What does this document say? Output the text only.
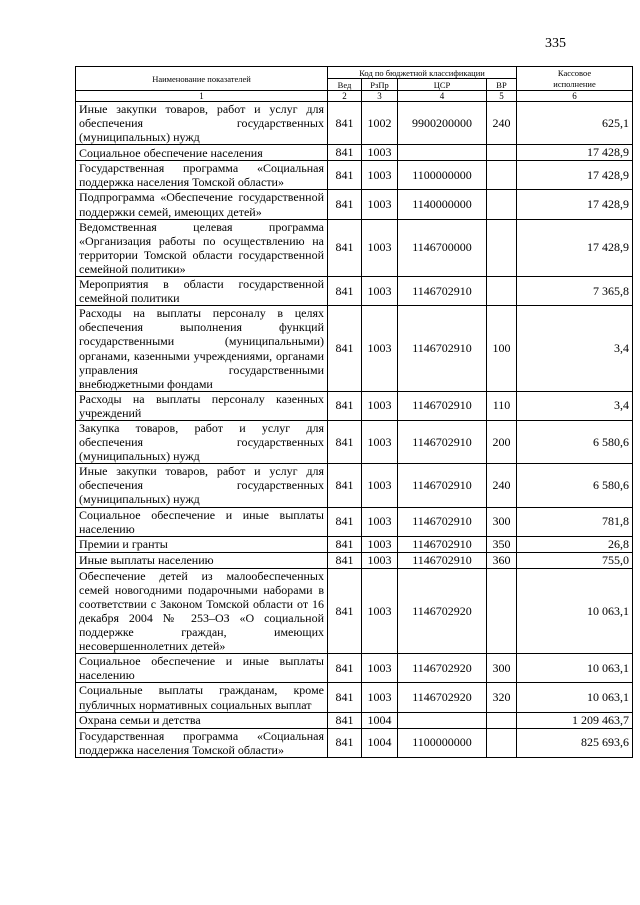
335
Наименование показателей	Код по бюджетной классификации				Кассовое
исполнение
	Вед	РзПр	ЦСР	ВР	
1	2	3	4	5	6
Иные закупки товаров, работ и услуг для обеспечения государственных (муниципальных) нужд	841	1002	9900200000	240	625,1
Социальное обеспечение населения	841	1003			17 428,9
Государственная программа «Социальная поддержка населения Томской области»	841	1003	1100000000		17 428,9
Подпрограмма «Обеспечение государственной поддержки семей, имеющих детей»	841	1003	1140000000		17 428,9
Ведомственная целевая программа «Организация работы по осуществлению на территории Томской области государственной семейной политики»	841	1003	1146700000		17 428,9
Мероприятия в области государственной семейной политики	841	1003	1146702910		7 365,8
Расходы на выплаты персоналу в целях обеспечения выполнения функций государственными (муниципальными) органами, казенными учреждениями, органами управления государственными внебюджетными фондами	841	1003	1146702910	100	3,4
Расходы на выплаты персоналу казенных учреждений	841	1003	1146702910	110	3,4
Закупка товаров, работ и услуг для обеспечения государственных (муниципальных) нужд	841	1003	1146702910	200	6 580,6
Иные закупки товаров, работ и услуг для обеспечения государственных (муниципальных) нужд	841	1003	1146702910	240	6 580,6
Социальное обеспечение и иные выплаты населению	841	1003	1146702910	300	781,8
Премии и гранты	841	1003	1146702910	350	26,8
Иные выплаты населению	841	1003	1146702910	360	755,0
Обеспечение детей из малообеспеченных семей новогодними подарочными наборами в соответствии с Законом Томской области от 16 декабря 2004 № 253–ОЗ «О социальной поддержке граждан, имеющих несовершеннолетних детей»	841	1003	1146702920		10 063,1
Социальное обеспечение и иные выплаты населению	841	1003	1146702920	300	10 063,1
Социальные выплаты гражданам, кроме публичных нормативных социальных выплат	841	1003	1146702920	320	10 063,1
Охрана семьи и детства	841	1004			1 209 463,7
Государственная программа «Социальная поддержка населения Томской области»	841	1004	1100000000		825 693,6
